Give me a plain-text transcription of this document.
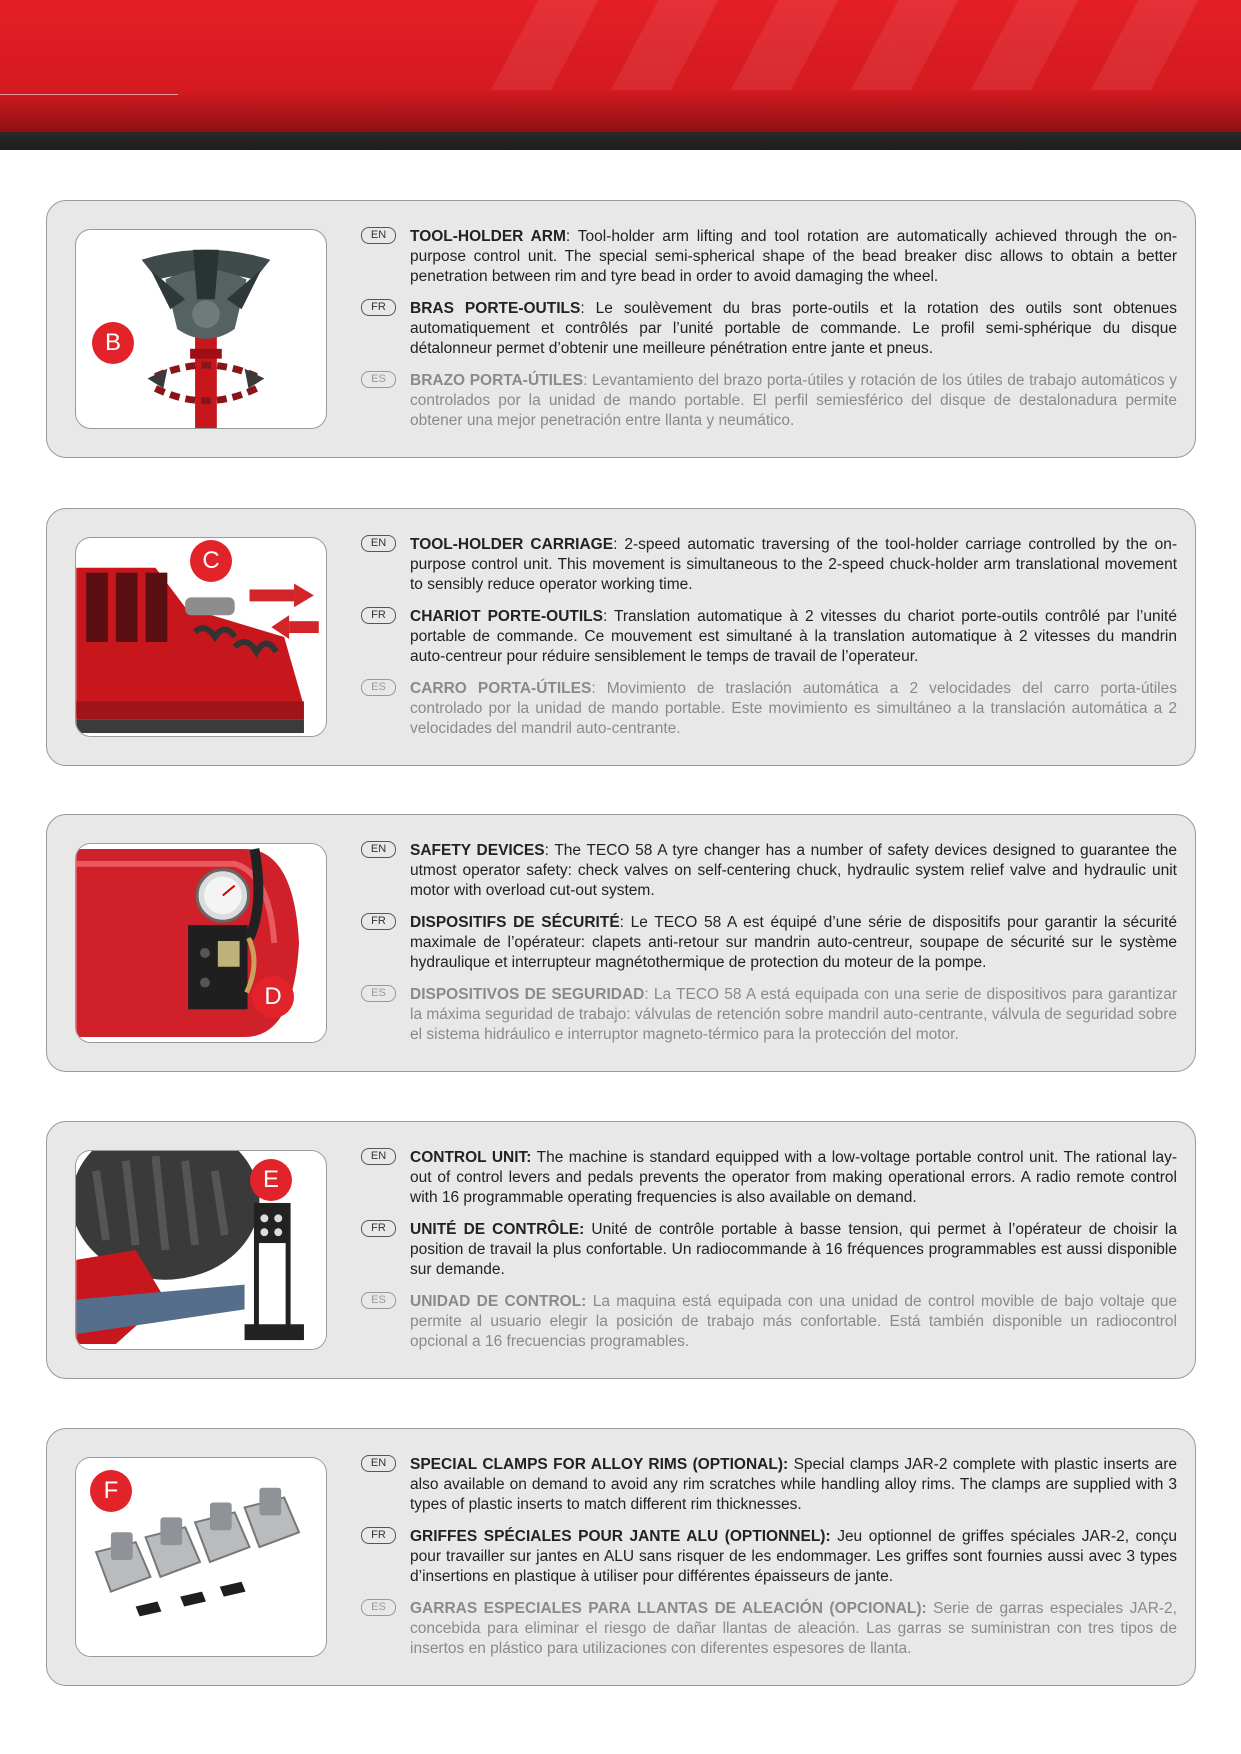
B
EN	TOOL-HOLDER ARM: Tool-holder arm lifting and tool rotation are automatically achieved through the on-purpose control unit. The special semi-spherical shape of the bead breaker disc allows to obtain a better penetration between rim and tyre bead in order to avoid damaging the wheel.

FR	BRAS PORTE-OUTILS: Le soulèvement du bras porte-outils et la rotation des outils sont obtenues automatiquement et contrôlés par l’unité portable de commande. Le profil semi-sphérique du disque détalonneur permet d’obtenir une meilleure pénétration entre jante et pneus.

ES	BRAZO PORTA-ÚTILES: Levantamiento del brazo porta-útiles y rotación de los útiles de trabajo automáticos y controlados por la unidad de mando portable. El perfil semiesférico del disque de destalonadura permite obtener una mejor penetración entre llanta y neumático.

C
EN	TOOL-HOLDER CARRIAGE: 2-speed automatic traversing of the tool-holder carriage controlled by the on-purpose control unit. This movement is simultaneous to the 2-speed chuck-holder arm translational movement to sensibly reduce operator working time.

FR	CHARIOT PORTE-OUTILS: Translation automatique à 2 vitesses du chariot porte-outils contrôlé par l’unité portable de commande. Ce mouvement est simultané à la translation automatique à 2 vitesses du mandrin auto-centreur pour réduire sensiblement le temps de travail de l’operateur.

ES	CARRO PORTA-ÚTILES: Movimiento de traslación automática a 2 velocidades del carro porta-útiles controlado por la unidad de mando portable. Este movimiento es simultáneo a la translación automática a 2 velocidades del mandril auto-centrante.

D
EN	SAFETY DEVICES: The TECO 58 A tyre changer has a number of safety devices designed to guarantee the utmost operator safety: check valves on self-centering chuck, hydraulic system relief valve and hydraulic unit motor with overload cut-out system.

FR	DISPOSITIFS DE SÉCURITÉ: Le TECO 58 A est équipé d’une série de dispositifs pour garantir la sécurité maximale de l’opérateur: clapets anti-retour sur mandrin auto-centreur, soupape de sécurité sur le système hydraulique et interrupteur magnétothermique de protection du moteur de la pompe.

ES	DISPOSITIVOS DE SEGURIDAD: La TECO 58 A está equipada con una serie de dispositivos para garantizar la máxima seguridad de trabajo: válvulas de retención sobre mandril auto-centrante, válvula de seguridad sobre el sistema hidráulico e interruptor magneto-térmico para la protección del motor.

E
EN	CONTROL UNIT: The machine is standard equipped with a low-voltage portable control unit. The rational lay-out of control levers and pedals prevents the operator from making operational errors. A radio remote control with 16 programmable operating frequencies is also available on demand.

FR	UNITÉ DE CONTRÔLE: Unité de contrôle portable à basse tension, qui permet à l’opérateur de choisir la position de travail la plus confortable. Un radiocommande à 16 fréquences programmables est aussi disponible sur demande.

ES	UNIDAD DE CONTROL: La maquina está equipada con una unidad de control movible de bajo voltaje que permite al usuario elegir la posición de trabajo más confortable. Está también disponible un radiocontrol opcional a 16 frecuencias programables.

F
EN	SPECIAL CLAMPS FOR ALLOY RIMS (OPTIONAL): Special clamps JAR-2 complete with plastic inserts are also available on demand to avoid any rim scratches while handling alloy rims. The clamps are supplied with 3 types of plastic inserts to match different rim thicknesses.

FR	GRIFFES SPÉCIALES POUR JANTE ALU (OPTIONNEL): Jeu optionnel de griffes spéciales JAR-2, conçu pour travailler sur jantes en ALU sans risquer de les endommager. Les griffes sont fournies aussi avec 3 types d’insertions en plastique à utiliser pour différentes épaisseurs de jante.

ES	GARRAS ESPECIALES PARA LLANTAS DE ALEACIÓN (OPCIONAL): Serie de garras especiales JAR-2, concebida para eliminar el riesgo de dañar llantas de aleación. Las garras se suministran con tres tipos de insertos en plástico para utilizaciones con diferentes espesores de llanta.
